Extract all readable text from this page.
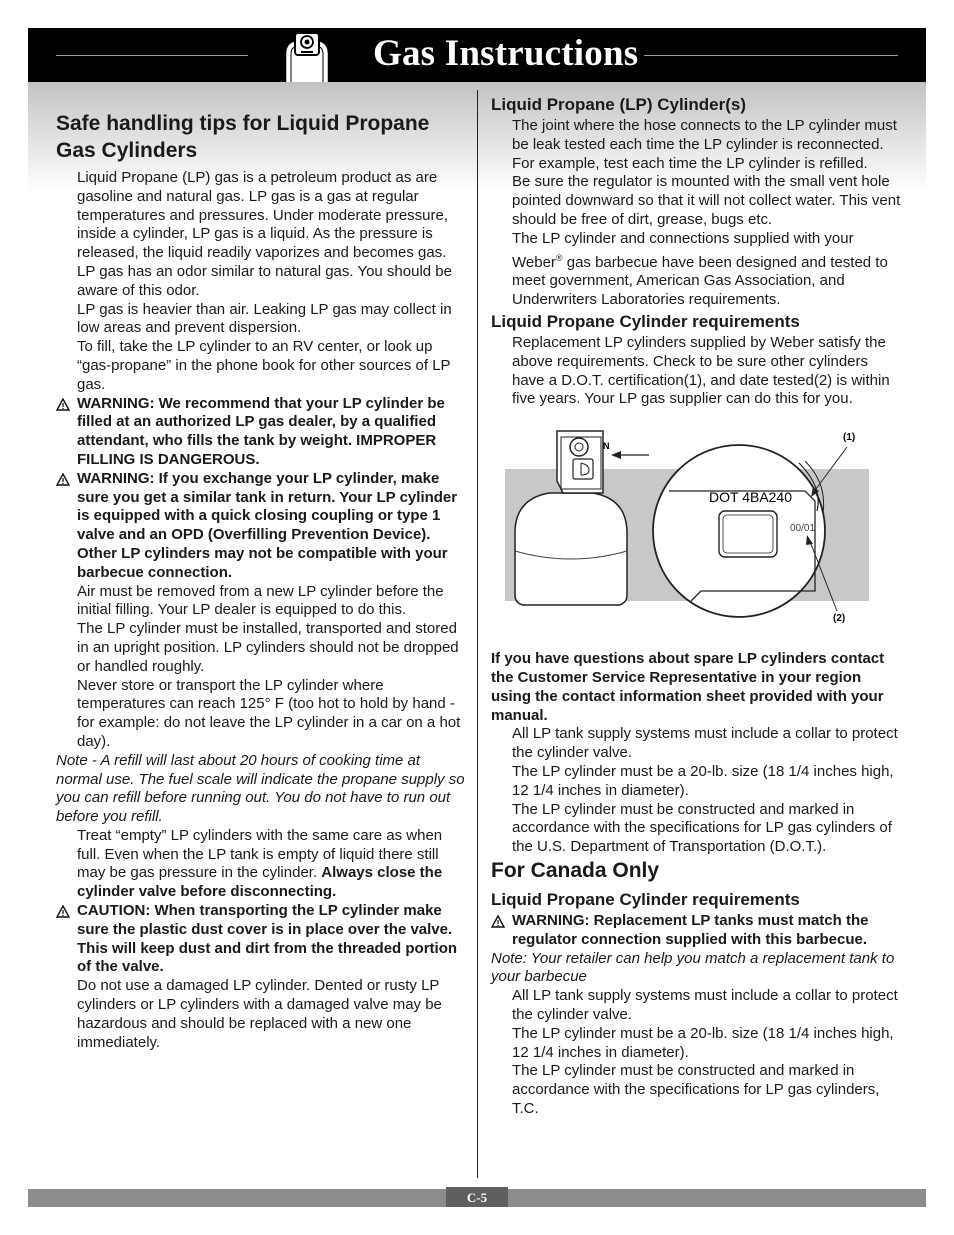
Gas Instructions
Safe handling tips for Liquid Propane Gas Cylinders

Liquid Propane (LP) gas is a petroleum product as are gasoline and natural gas. LP gas is a gas at regular temperatures and pressures. Under moderate pressure, inside a cylinder, LP gas is a liquid. As the pressure is released, the liquid readily vaporizes and becomes gas. LP gas has an odor similar to natural gas. You should be aware of this odor.

LP gas is heavier than air. Leaking LP gas may collect in low areas and prevent dispersion.

To fill, take the LP cylinder to an RV center, or look up “gas-propane” in the phone book for other sources of LP gas.

WARNING: We recommend that your LP cylinder be filled at an authorized LP gas dealer, by a qualified attendant, who fills the tank by weight. IMPROPER FILLING IS DANGEROUS.

WARNING: If you exchange your LP cylinder, make sure you get a similar tank in return. Your LP cylinder is equipped with a quick closing coupling or type 1 valve and an OPD (Overfilling Prevention Device). Other LP cylinders may not be compatible with your barbecue connection.

Air must be removed from a new LP cylinder before the initial filling. Your LP dealer is equipped to do this.

The LP cylinder must be installed, transported and stored in an upright position. LP cylinders should not be dropped or handled roughly.

Never store or transport the LP cylinder where temperatures can reach 125° F (too hot to hold by hand - for example: do not leave the LP cylinder in a car on a hot day).

Note - A refill will last about 20 hours of cooking time at normal use. The fuel scale will indicate the propane supply so you can refill before running out. You do not have to run out before you refill.

Treat “empty” LP cylinders with the same care as when full. Even when the LP tank is empty of liquid there still may be gas pressure in the cylinder. Always close the cylinder valve before disconnecting.

CAUTION: When transporting the LP cylinder make sure the plastic dust cover is in place over the valve. This will keep dust and dirt from the threaded portion of the valve.

Do not use a damaged LP cylinder. Dented or rusty LP cylinders or LP cylinders with a damaged valve may be hazardous and should be replaced with a new one immediately.

Liquid Propane (LP) Cylinder(s)

The joint where the hose connects to the LP cylinder must be leak tested each time the LP cylinder is reconnected. For example, test each time the LP cylinder is refilled.

Be sure the regulator is mounted with the small vent hole pointed downward so that it will not collect water. This vent should be free of dirt, grease, bugs etc.

The LP cylinder and connections supplied with your Weber® gas barbecue have been designed and tested to meet government, American Gas Association, and Underwriters Laboratories requirements.

Liquid Propane Cylinder requirements

Replacement LP cylinders supplied by Weber satisfy the above requirements. Check to be sure other cylinders have a D.O.T. certification(1), and date tested(2) is within five years. Your LP gas supplier can do this for you.

N
DOT 4BA240
00/01
(1)
(2)

If you have questions about spare LP cylinders contact the Customer Service Representative in your region using the contact information sheet provided with your manual.

All LP tank supply systems must include a collar to protect the cylinder valve.

The LP cylinder must be a 20-lb. size (18 1/4 inches high, 12 1/4 inches in diameter).

The LP cylinder must be constructed and marked in accordance with the specifications for LP gas cylinders of the U.S. Department of Transportation (D.O.T.).

For Canada Only
Liquid Propane Cylinder requirements

WARNING: Replacement LP tanks must match the regulator connection supplied with this barbecue.

Note: Your retailer can help you match a replacement tank to your barbecue

All LP tank supply systems must include a collar to protect the cylinder valve.

The LP cylinder must be a 20-lb. size (18 1/4 inches high, 12 1/4 inches in diameter).

The LP cylinder must be constructed and marked in accordance with the specifications for LP gas cylinders, T.C.

C-5
